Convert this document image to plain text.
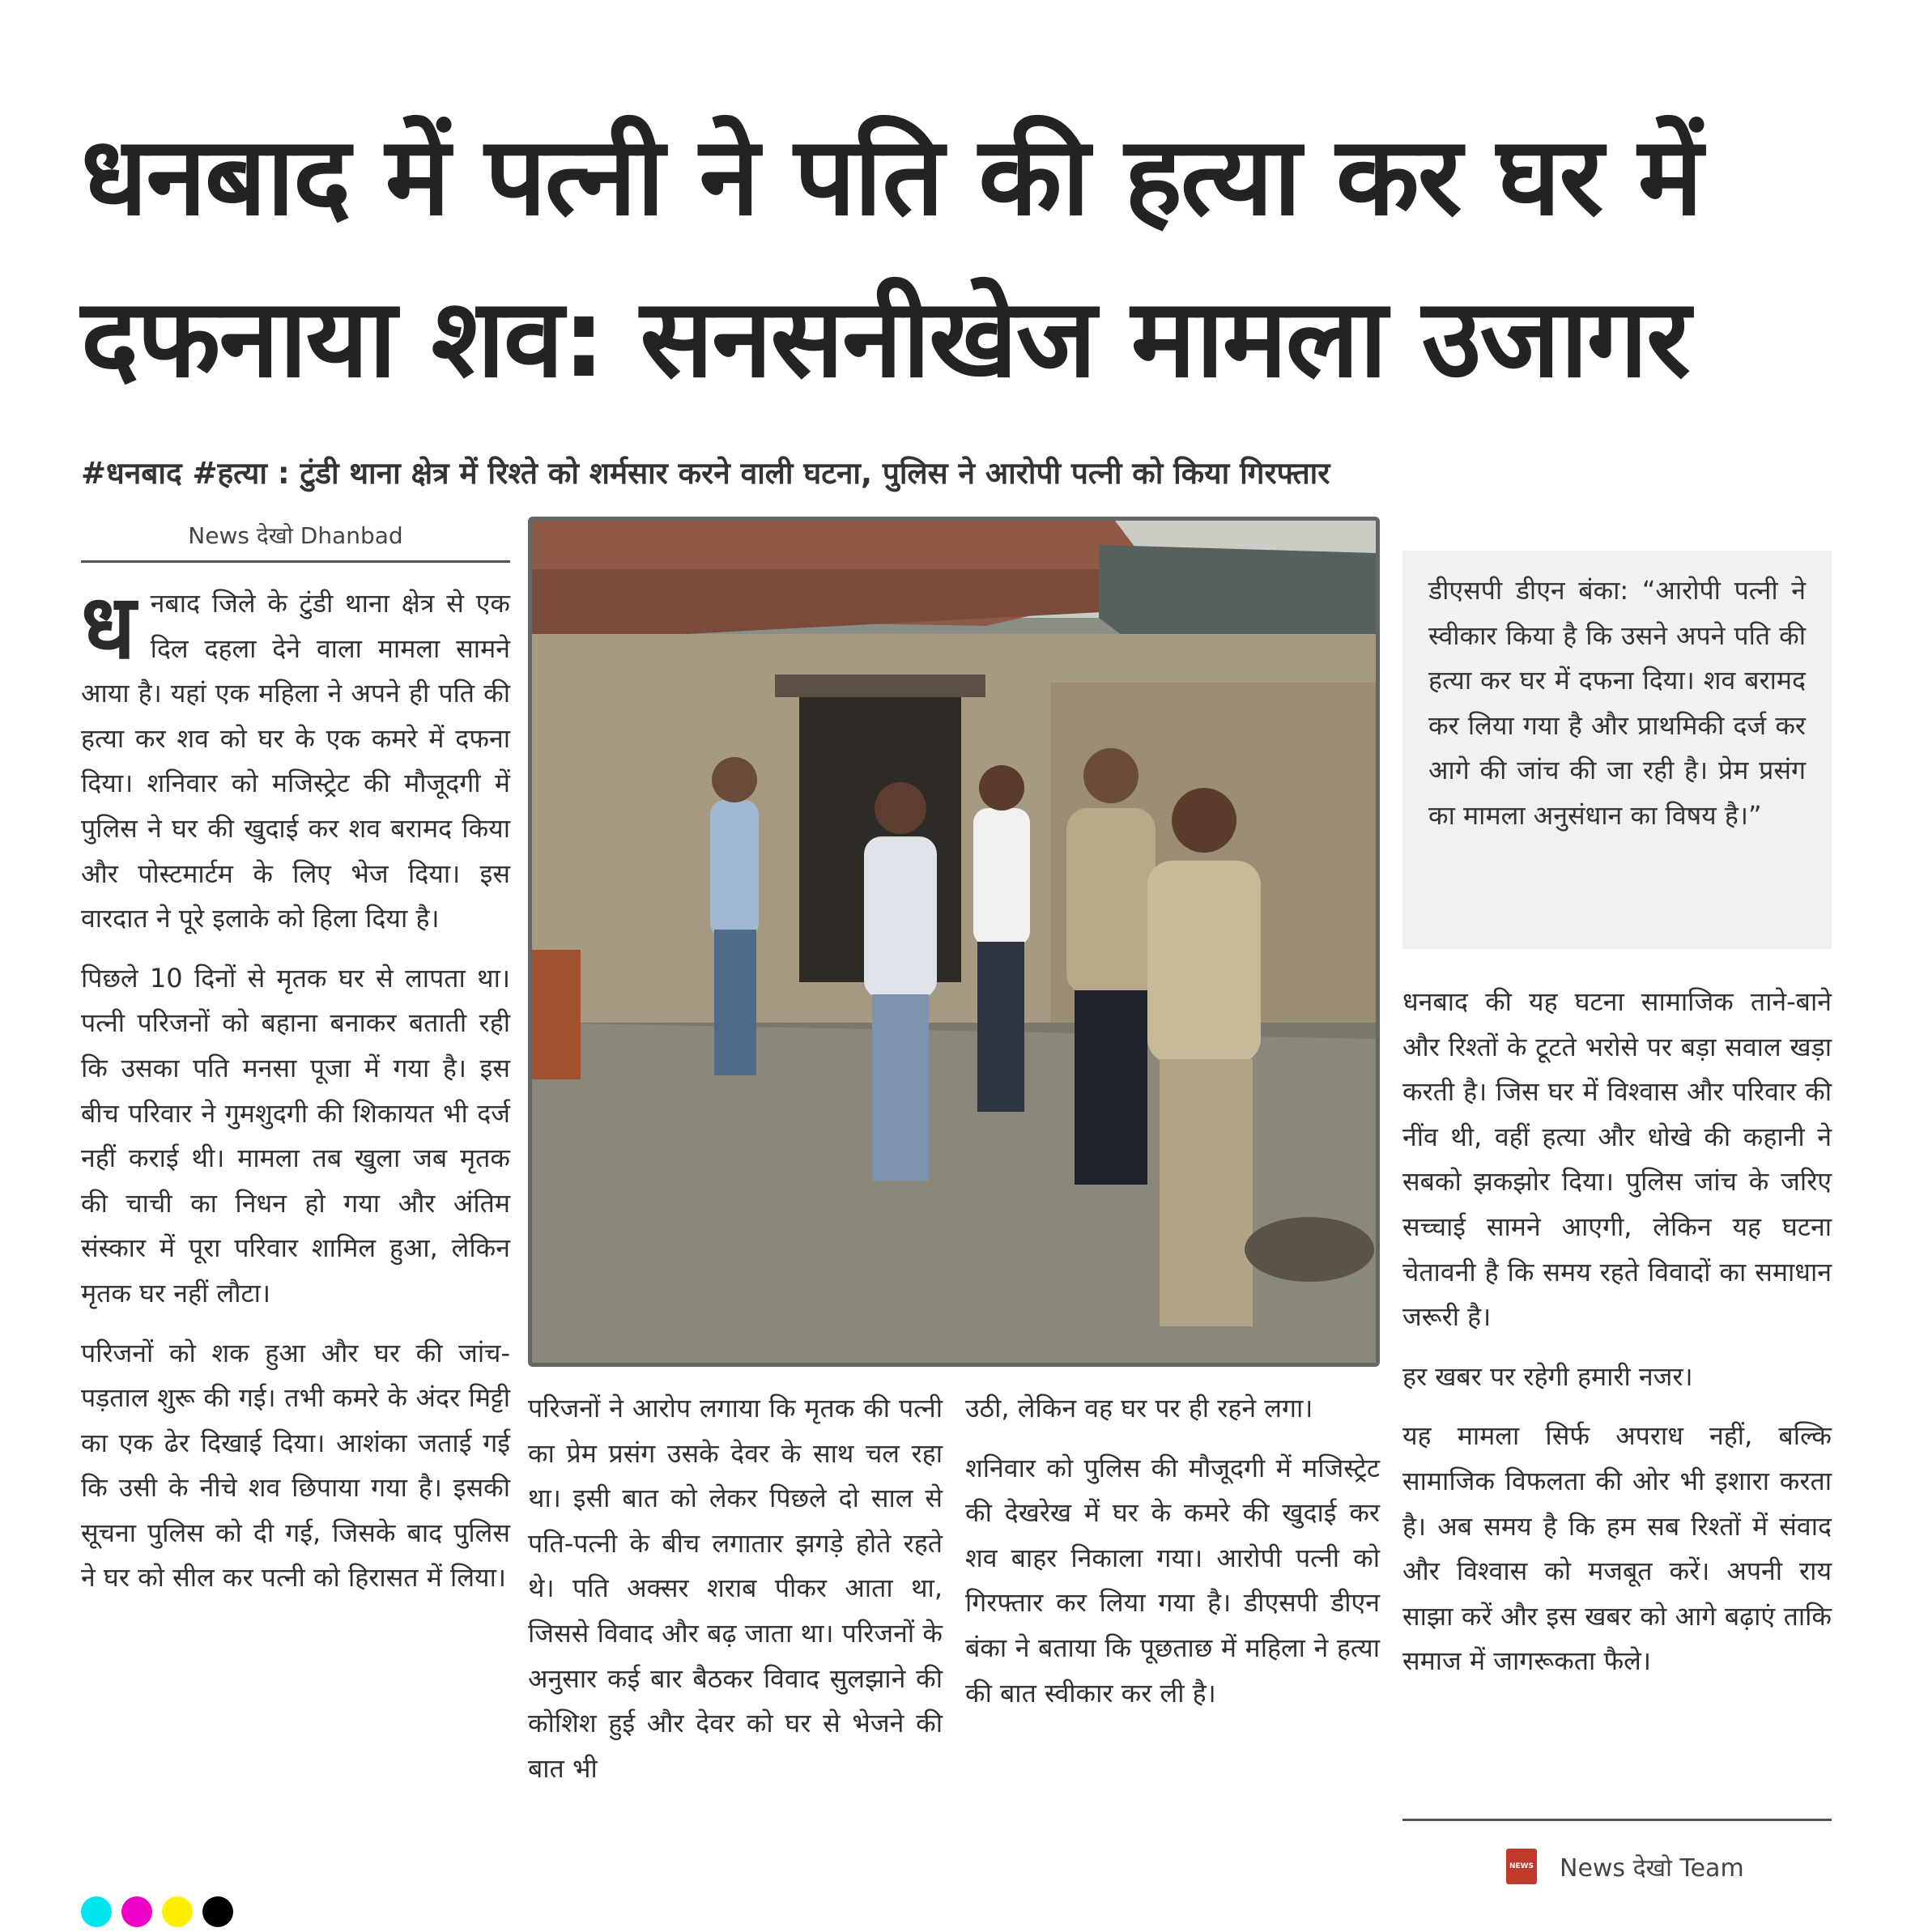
धनबाद में पत्नी ने पति की हत्या कर घर में दफनाया शव: सनसनीखेज मामला उजागर
#धनबाद #हत्या : टुंडी थाना क्षेत्र में रिश्ते को शर्मसार करने वाली घटना, पुलिस ने आरोपी पत्नी को किया गिरफ्तार
News देखो Dhanbad

धनबाद जिले के टुंडी थाना क्षेत्र से एक दिल दहला देने वाला मामला सामने आया है। यहां एक महिला ने अपने ही पति की हत्या कर शव को घर के एक कमरे में दफना दिया। शनिवार को मजिस्ट्रेट की मौजूदगी में पुलिस ने घर की खुदाई कर शव बरामद किया और पोस्टमार्टम के लिए भेज दिया। इस वारदात ने पूरे इलाके को हिला दिया है।

पिछले 10 दिनों से मृतक घर से लापता था। पत्नी परिजनों को बहाना बनाकर बताती रही कि उसका पति मनसा पूजा में गया है। इस बीच परिवार ने गुमशुदगी की शिकायत भी दर्ज नहीं कराई थी। मामला तब खुला जब मृतक की चाची का निधन हो गया और अंतिम संस्कार में पूरा परिवार शामिल हुआ, लेकिन मृतक घर नहीं लौटा।

परिजनों को शक हुआ और घर की जांच-पड़ताल शुरू की गई। तभी कमरे के अंदर मिट्टी का एक ढेर दिखाई दिया। आशंका जताई गई कि उसी के नीचे शव छिपाया गया है। इसकी सूचना पुलिस को दी गई, जिसके बाद पुलिस ने घर को सील कर पत्नी को हिरासत में लिया।

परिजनों ने आरोप लगाया कि मृतक की पत्नी का प्रेम प्रसंग उसके देवर के साथ चल रहा था। इसी बात को लेकर पिछले दो साल से पति-पत्नी के बीच लगातार झगड़े होते रहते थे। पति अक्सर शराब पीकर आता था, जिससे विवाद और बढ़ जाता था। परिजनों के अनुसार कई बार बैठकर विवाद सुलझाने की कोशिश हुई और देवर को घर से भेजने की बात भी

उठी, लेकिन वह घर पर ही रहने लगा।

शनिवार को पुलिस की मौजूदगी में मजिस्ट्रेट की देखरेख में घर के कमरे की खुदाई कर शव बाहर निकाला गया। आरोपी पत्नी को गिरफ्तार कर लिया गया है। डीएसपी डीएन बंका ने बताया कि पूछताछ में महिला ने हत्या की बात स्वीकार कर ली है।

डीएसपी डीएन बंका: “आरोपी पत्नी ने स्वीकार किया है कि उसने अपने पति की हत्या कर घर में दफना दिया। शव बरामद कर लिया गया है और प्राथमिकी दर्ज कर आगे की जांच की जा रही है। प्रेम प्रसंग का मामला अनुसंधान का विषय है।”

धनबाद की यह घटना सामाजिक ताने-बाने और रिश्तों के टूटते भरोसे पर बड़ा सवाल खड़ा करती है। जिस घर में विश्वास और परिवार की नींव थी, वहीं हत्या और धोखे की कहानी ने सबको झकझोर दिया। पुलिस जांच के जरिए सच्चाई सामने आएगी, लेकिन यह घटना चेतावनी है कि समय रहते विवादों का समाधान जरूरी है।

हर खबर पर रहेगी हमारी नजर।

यह मामला सिर्फ अपराध नहीं, बल्कि सामाजिक विफलता की ओर भी इशारा करता है। अब समय है कि हम सब रिश्तों में संवाद और विश्वास को मजबूत करें। अपनी राय साझा करें और इस खबर को आगे बढ़ाएं ताकि समाज में जागरूकता फैले।

NEWS News देखो Team
